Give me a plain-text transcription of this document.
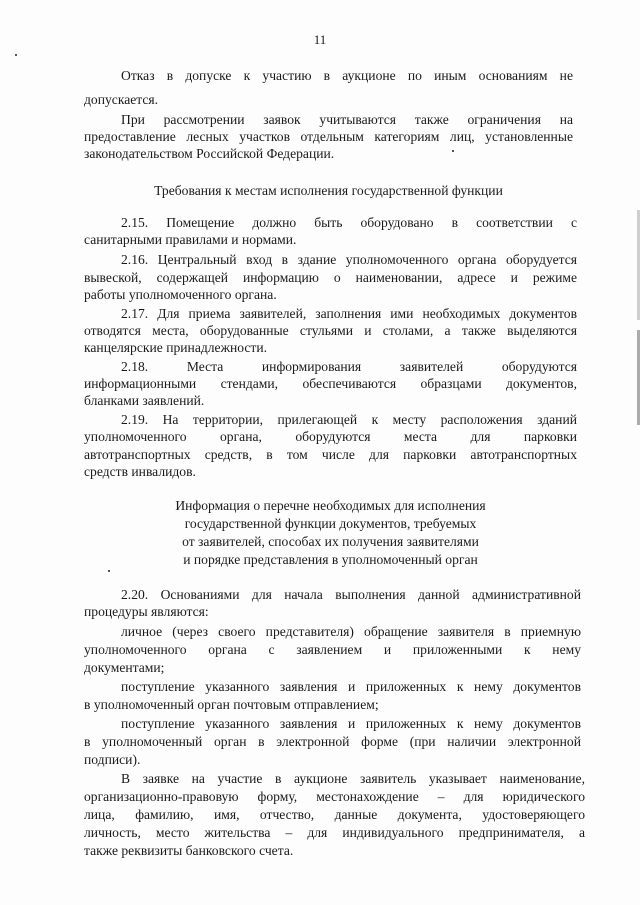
11
Отказ в допуске к участию в аукционе по иным основаниям не
допускается.
При рассмотрении заявок учитываются также ограничения на
предоставление лесных участков отдельным категориям лиц, установленные
законодательством Российской Федерации.
Требования к местам исполнения государственной функции
2.15. Помещение должно быть оборудовано в соответствии с
санитарными правилами и нормами.
2.16. Центральный вход в здание уполномоченного органа оборудуется
вывеской, содержащей информацию о наименовании, адресе и режиме
работы уполномоченного органа.
2.17. Для приема заявителей, заполнения ими необходимых документов
отводятся места, оборудованные стульями и столами, а также выделяются
канцелярские принадлежности.
2.18. Места информирования заявителей оборудуются
информационными стендами, обеспечиваются образцами документов,
бланками заявлений.
2.19. На территории, прилегающей к месту расположения зданий
уполномоченного органа, оборудуются места для парковки
автотранспортных средств, в том числе для парковки автотранспортных
средств инвалидов.
Информация о перечне необходимых для исполнения
государственной функции документов, требуемых
от заявителей, способах их получения заявителями
и порядке представления в уполномоченный орган
2.20. Основаниями для начала выполнения данной административной
процедуры являются:
личное (через своего представителя) обращение заявителя в приемную
уполномоченного органа с заявлением и приложенными к нему
документами;
поступление указанного заявления и приложенных к нему документов
в уполномоченный орган почтовым отправлением;
поступление указанного заявления и приложенных к нему документов
в уполномоченный орган в электронной форме (при наличии электронной
подписи).
В заявке на участие в аукционе заявитель указывает наименование,
организационно-правовую форму, местонахождение – для юридического
лица, фамилию, имя, отчество, данные документа, удостоверяющего
личность, место жительства – для индивидуального предпринимателя, а
также реквизиты банковского счета.
